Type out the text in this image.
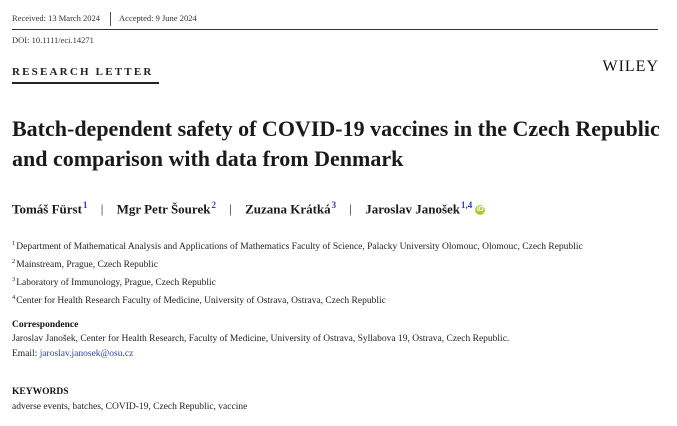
Received: 13 March 2024 Accepted: 9 June 2024
DOI: 10.1111/eci.14271
RESEARCH LETTER	WILEY
Batch-dependent safety of COVID-19 vaccines in the Czech Republic and comparison with data from Denmark
Tomáš Fürst$^1$ | Mgr Petr Šourek$^2$ | Zuzana Krátká$^3$ | Jaroslav Janošek$^{1,4}$ iD
$^1$Department of Mathematical Analysis and Applications of Mathematics Faculty of Science, Palacky University Olomouc, Olomouc, Czech Republic
$^2$Mainstream, Prague, Czech Republic
$^3$Laboratory of Immunology, Prague, Czech Republic
$^4$Center for Health Research Faculty of Medicine, University of Ostrava, Ostrava, Czech Republic
Correspondence
Jaroslav Janošek, Center for Health Research, Faculty of Medicine, University of Ostrava, Syllabova 19, Ostrava, Czech Republic.
Email: jaroslav.janosek@osu.cz
KEYWORDS
adverse events, batches, COVID-19, Czech Republic, vaccine
